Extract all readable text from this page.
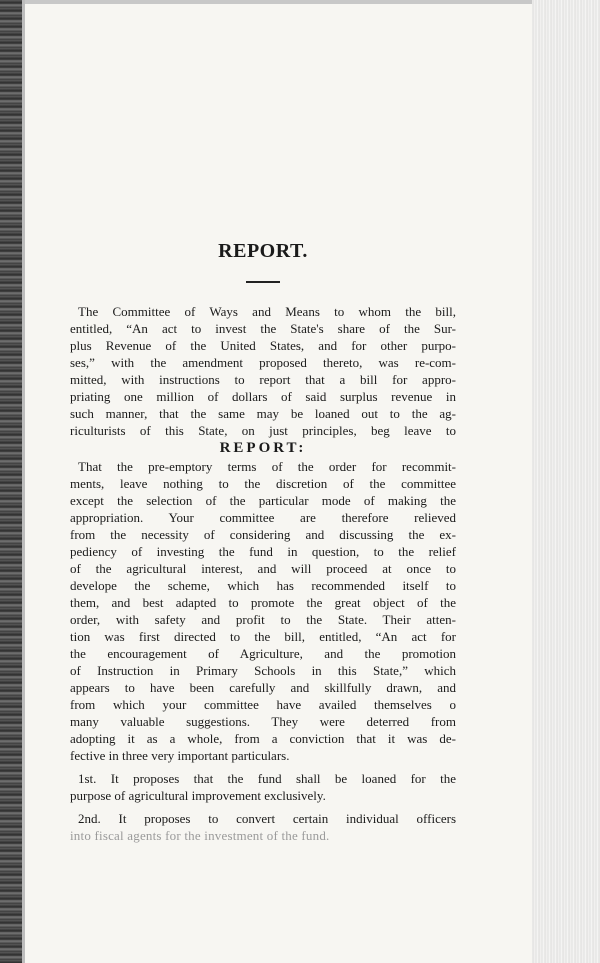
REPORT.

The Committee of Ways and Means to whom the bill,

entitled, “An act to invest the State's share of the Sur-

plus Revenue of the United States, and for other purpo-

ses,” with the amendment proposed thereto, was re-com-

mitted, with instructions to report that a bill for appro-

priating one million of dollars of said surplus revenue in

such manner, that the same may be loaned out to the ag-

riculturists of this State, on just principles, beg leave to

REPORT:

That the pre-emptory terms of the order for recommit-

ments, leave nothing to the discretion of the committee

except the selection of the particular mode of making the

appropriation. Your committee are therefore relieved

from the necessity of considering and discussing the ex-

pediency of investing the fund in question, to the relief

of the agricultural interest, and will proceed at once to

develope the scheme, which has recommended itself to

them, and best adapted to promote the great object of the

order, with safety and profit to the State. Their atten-

tion was first directed to the bill, entitled, “An act for

the encouragement of Agriculture, and the promotion

of Instruction in Primary Schools in this State,” which

appears to have been carefully and skillfully drawn, and

from which your committee have availed themselves o

many valuable suggestions. They were deterred from

adopting it as a whole, from a conviction that it was de-

fective in three very important particulars.

1st. It proposes that the fund shall be loaned for the

purpose of agricultural improvement exclusively.

2nd. It proposes to convert certain individual officers

into fiscal agents for the investment of the fund.
